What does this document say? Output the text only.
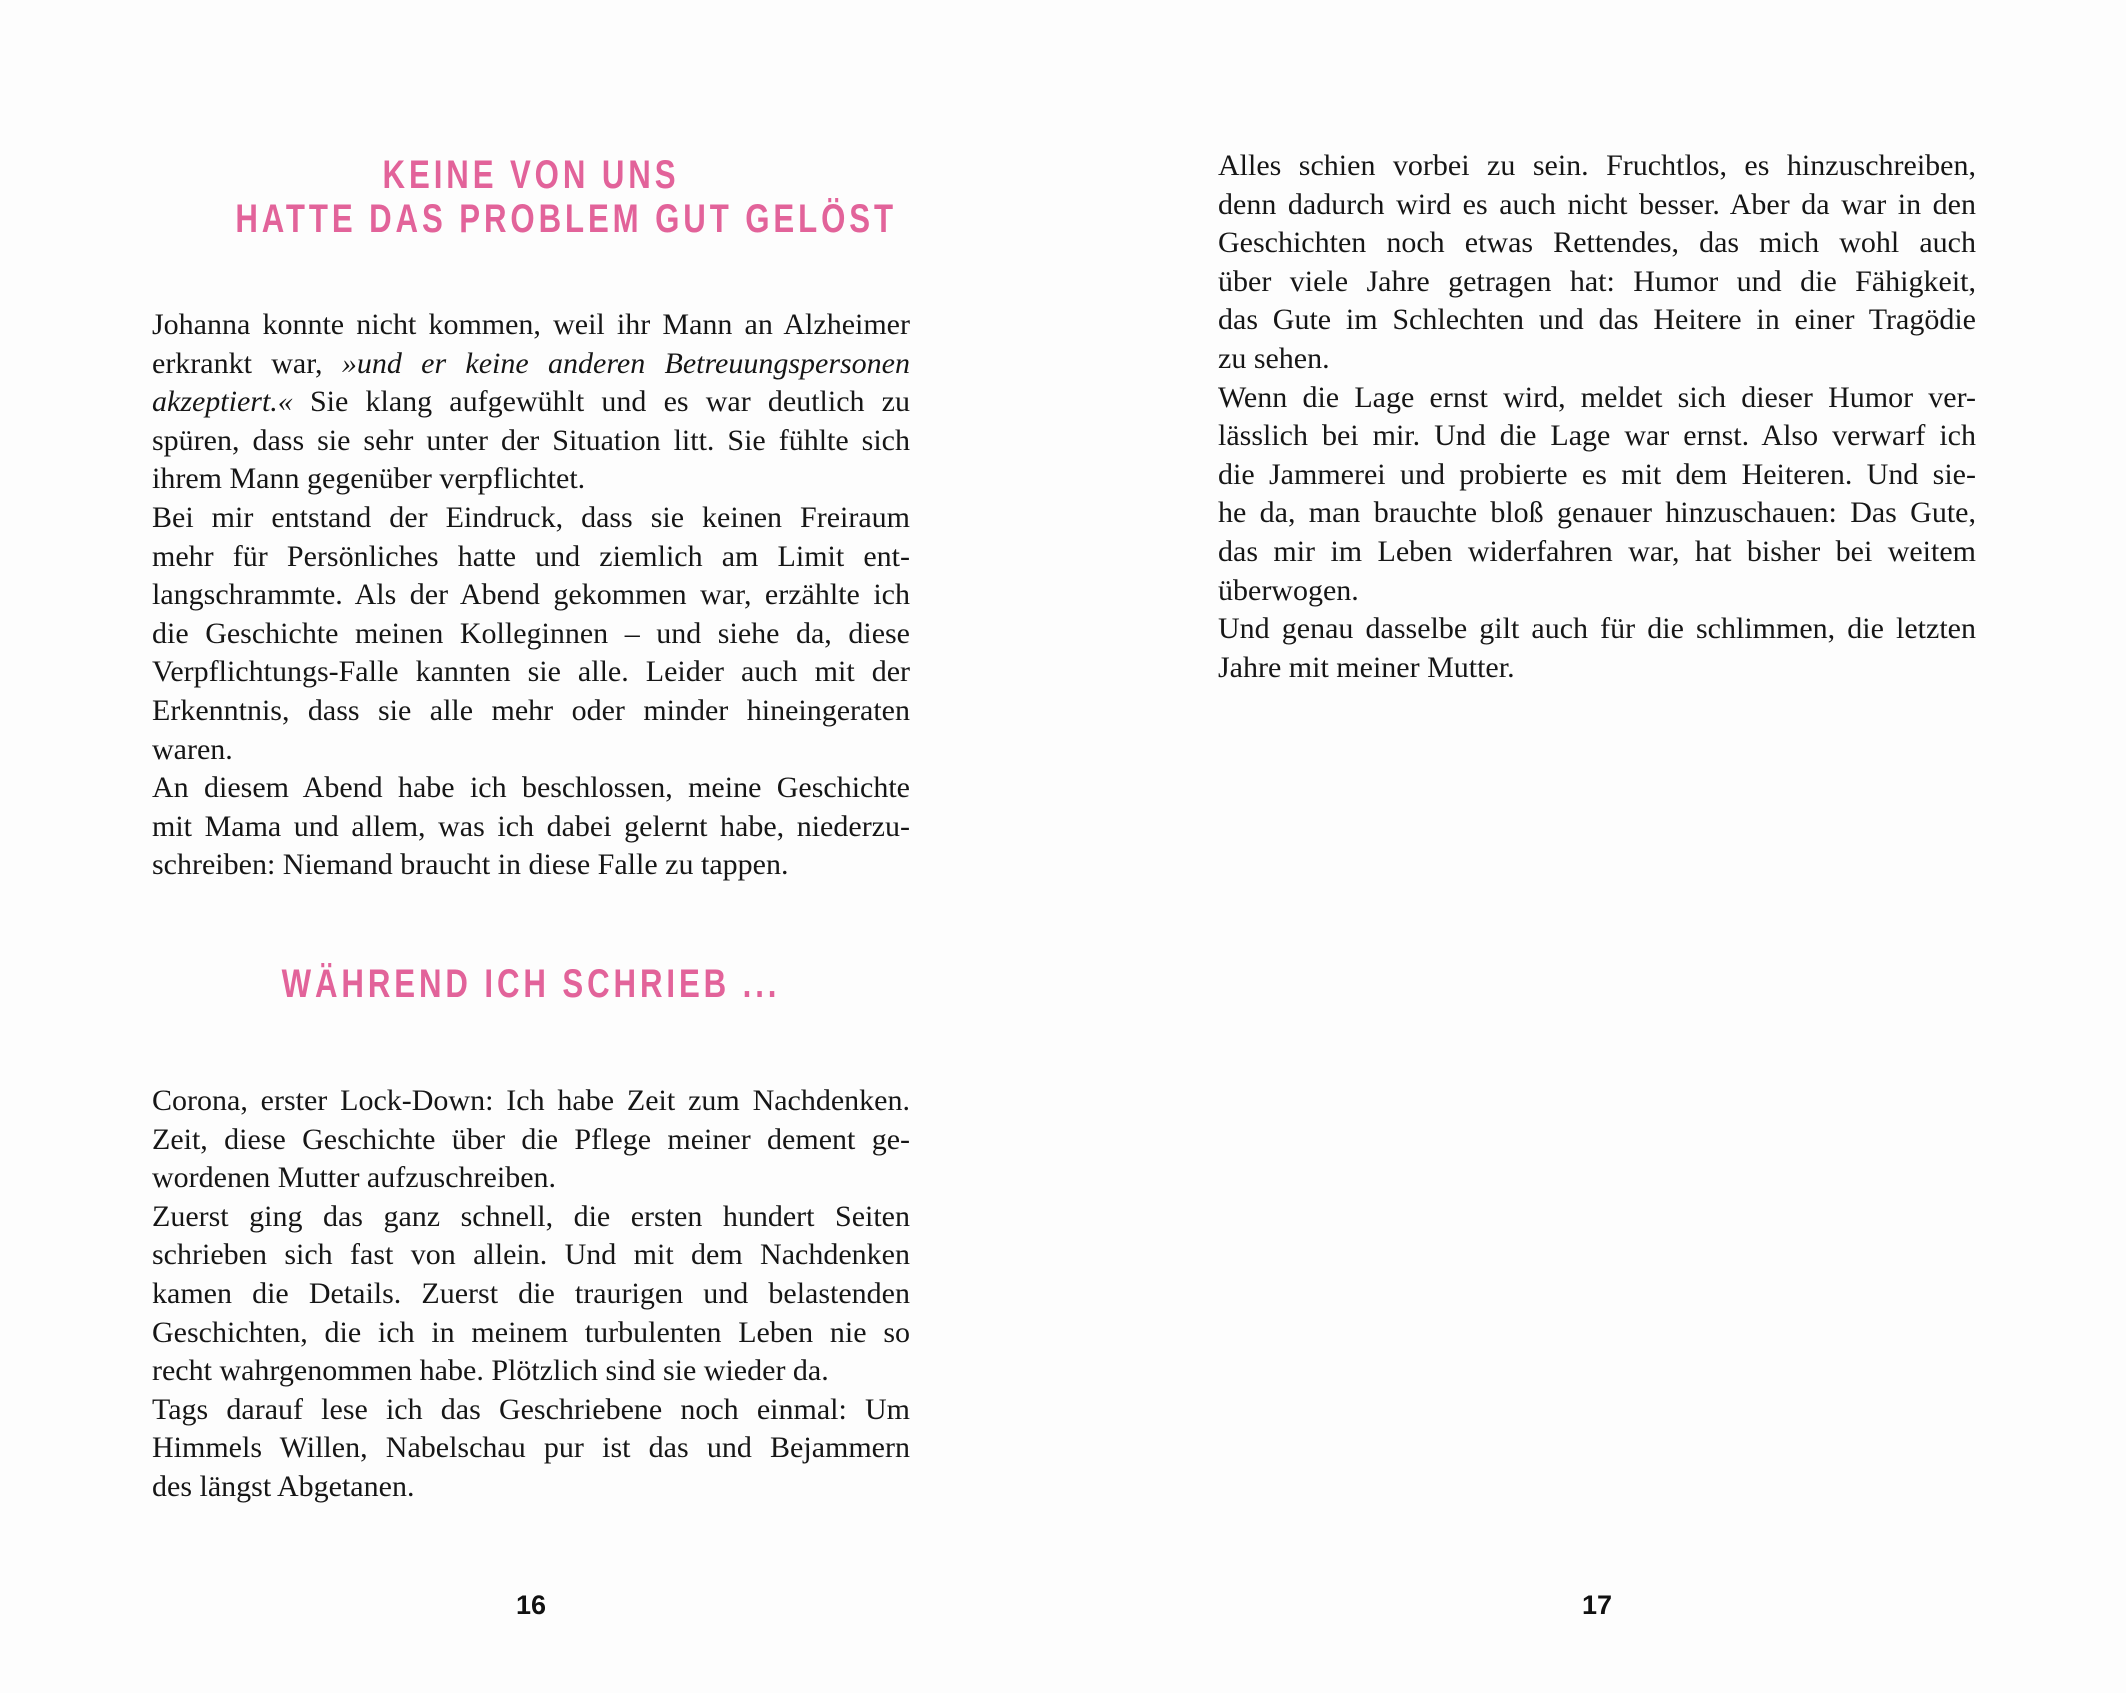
KEINE VON UNS
HATTE DAS PROBLEM GUT GELÖST
Johanna konnte nicht kommen, weil ihr Mann an Alzheimer
erkrankt war, »und er keine anderen Betreuungspersonen
akzeptiert.« Sie klang aufgewühlt und es war deutlich zu
spüren, dass sie sehr unter der Situation litt. Sie fühlte sich
ihrem Mann gegenüber verpflichtet.
Bei mir entstand der Eindruck, dass sie keinen Freiraum
mehr für Persönliches hatte und ziemlich am Limit ent-
langschrammte. Als der Abend gekommen war, erzählte ich
die Geschichte meinen Kolleginnen – und siehe da, diese
Verpflichtungs-Falle kannten sie alle. Leider auch mit der
Erkenntnis, dass sie alle mehr oder minder hineingeraten
waren.
An diesem Abend habe ich beschlossen, meine Geschichte
mit Mama und allem, was ich dabei gelernt habe, niederzu-
schreiben: Niemand braucht in diese Falle zu tappen.
WÄHREND ICH SCHRIEB ...
Corona, erster Lock-Down: Ich habe Zeit zum Nachdenken.
Zeit, diese Geschichte über die Pflege meiner dement ge-
wordenen Mutter aufzuschreiben.
Zuerst ging das ganz schnell, die ersten hundert Seiten
schrieben sich fast von allein. Und mit dem Nachdenken
kamen die Details. Zuerst die traurigen und belastenden
Geschichten, die ich in meinem turbulenten Leben nie so
recht wahrgenommen habe. Plötzlich sind sie wieder da.
Tags darauf lese ich das Geschriebene noch einmal: Um
Himmels Willen, Nabelschau pur ist das und Bejammern
des längst Abgetanen.
16
Alles schien vorbei zu sein. Fruchtlos, es hinzuschreiben,
denn dadurch wird es auch nicht besser. Aber da war in den
Geschichten noch etwas Rettendes, das mich wohl auch
über viele Jahre getragen hat: Humor und die Fähigkeit,
das Gute im Schlechten und das Heitere in einer Tragödie
zu sehen.
Wenn die Lage ernst wird, meldet sich dieser Humor ver-
lässlich bei mir. Und die Lage war ernst. Also verwarf ich
die Jammerei und probierte es mit dem Heiteren. Und sie-
he da, man brauchte bloß genauer hinzuschauen: Das Gute,
das mir im Leben widerfahren war, hat bisher bei weitem
überwogen.
Und genau dasselbe gilt auch für die schlimmen, die letzten
Jahre mit meiner Mutter.
17
